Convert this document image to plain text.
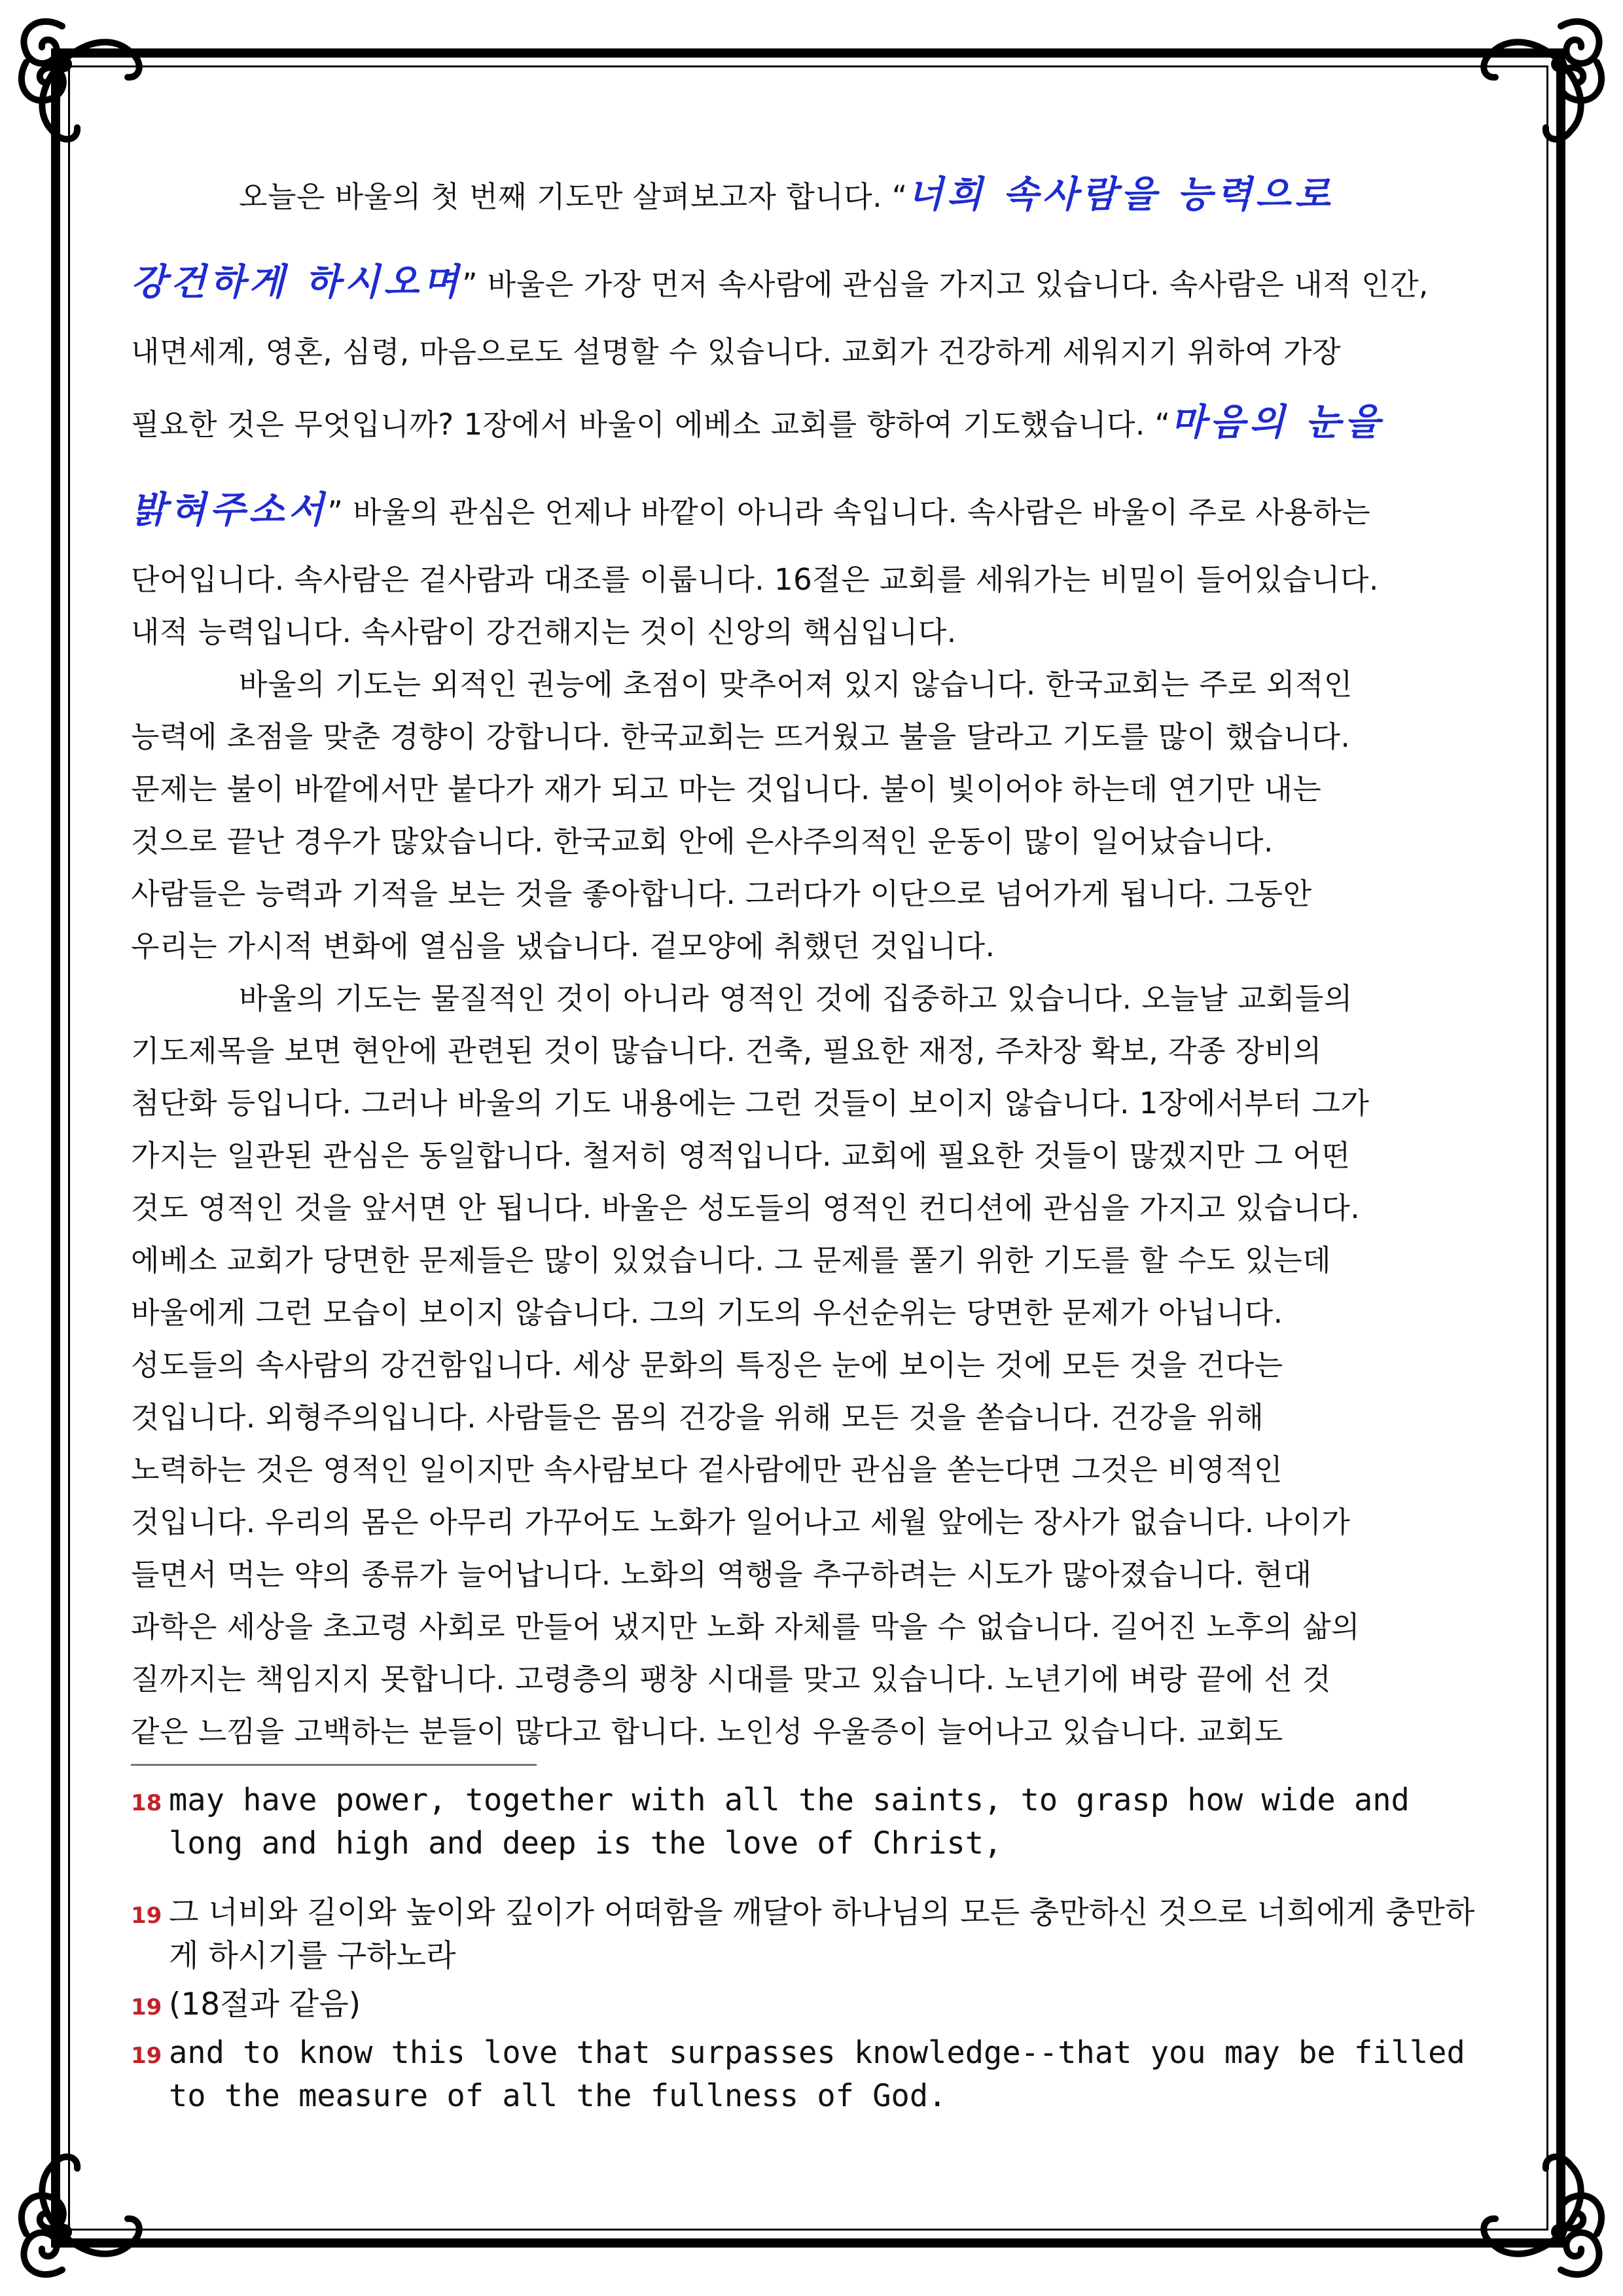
오늘은 바울의 첫 번째 기도만 살펴보고자 합니다. “너희 속사람을 능력으로
강건하게 하시오며” 바울은 가장 먼저 속사람에 관심을 가지고 있습니다. 속사람은 내적 인간,
내면세계, 영혼, 심령, 마음으로도 설명할 수 있습니다. 교회가 건강하게 세워지기 위하여 가장
필요한 것은 무엇입니까? 1장에서 바울이 에베소 교회를 향하여 기도했습니다. “마음의 눈을
밝혀주소서” 바울의 관심은 언제나 바깥이 아니라 속입니다. 속사람은 바울이 주로 사용하는
단어입니다. 속사람은 겉사람과 대조를 이룹니다. 16절은 교회를 세워가는 비밀이 들어있습니다.
내적 능력입니다. 속사람이 강건해지는 것이 신앙의 핵심입니다.
바울의 기도는 외적인 권능에 초점이 맞추어져 있지 않습니다. 한국교회는 주로 외적인
능력에 초점을 맞춘 경향이 강합니다. 한국교회는 뜨거웠고 불을 달라고 기도를 많이 했습니다.
문제는 불이 바깥에서만 붙다가 재가 되고 마는 것입니다. 불이 빛이어야 하는데 연기만 내는
것으로 끝난 경우가 많았습니다. 한국교회 안에 은사주의적인 운동이 많이 일어났습니다.
사람들은 능력과 기적을 보는 것을 좋아합니다. 그러다가 이단으로 넘어가게 됩니다. 그동안
우리는 가시적 변화에 열심을 냈습니다. 겉모양에 취했던 것입니다.
바울의 기도는 물질적인 것이 아니라 영적인 것에 집중하고 있습니다. 오늘날 교회들의
기도제목을 보면 현안에 관련된 것이 많습니다. 건축, 필요한 재정, 주차장 확보, 각종 장비의
첨단화 등입니다. 그러나 바울의 기도 내용에는 그런 것들이 보이지 않습니다. 1장에서부터 그가
가지는 일관된 관심은 동일합니다. 철저히 영적입니다. 교회에 필요한 것들이 많겠지만 그 어떤
것도 영적인 것을 앞서면 안 됩니다. 바울은 성도들의 영적인 컨디션에 관심을 가지고 있습니다.
에베소 교회가 당면한 문제들은 많이 있었습니다. 그 문제를 풀기 위한 기도를 할 수도 있는데
바울에게 그런 모습이 보이지 않습니다. 그의 기도의 우선순위는 당면한 문제가 아닙니다.
성도들의 속사람의 강건함입니다. 세상 문화의 특징은 눈에 보이는 것에 모든 것을 건다는
것입니다. 외형주의입니다. 사람들은 몸의 건강을 위해 모든 것을 쏟습니다. 건강을 위해
노력하는 것은 영적인 일이지만 속사람보다 겉사람에만 관심을 쏟는다면 그것은 비영적인
것입니다. 우리의 몸은 아무리 가꾸어도 노화가 일어나고 세월 앞에는 장사가 없습니다. 나이가
들면서 먹는 약의 종류가 늘어납니다. 노화의 역행을 추구하려는 시도가 많아졌습니다. 현대
과학은 세상을 초고령 사회로 만들어 냈지만 노화 자체를 막을 수 없습니다. 길어진 노후의 삶의
질까지는 책임지지 못합니다. 고령층의 팽창 시대를 맞고 있습니다. 노년기에 벼랑 끝에 선 것
같은 느낌을 고백하는 분들이 많다고 합니다. 노인성 우울증이 늘어나고 있습니다. 교회도
18 may have power, together with all the saints, to grasp how wide and long and high and deep is the love of Christ,
19 그 너비와 길이와 높이와 깊이가 어떠함을 깨달아 하나님의 모든 충만하신 것으로 너희에게 충만하게 하시기를 구하노라
19 (18절과 같음)
19 and to know this love that surpasses knowledge--that you may be filled to the measure of all the fullness of God.
